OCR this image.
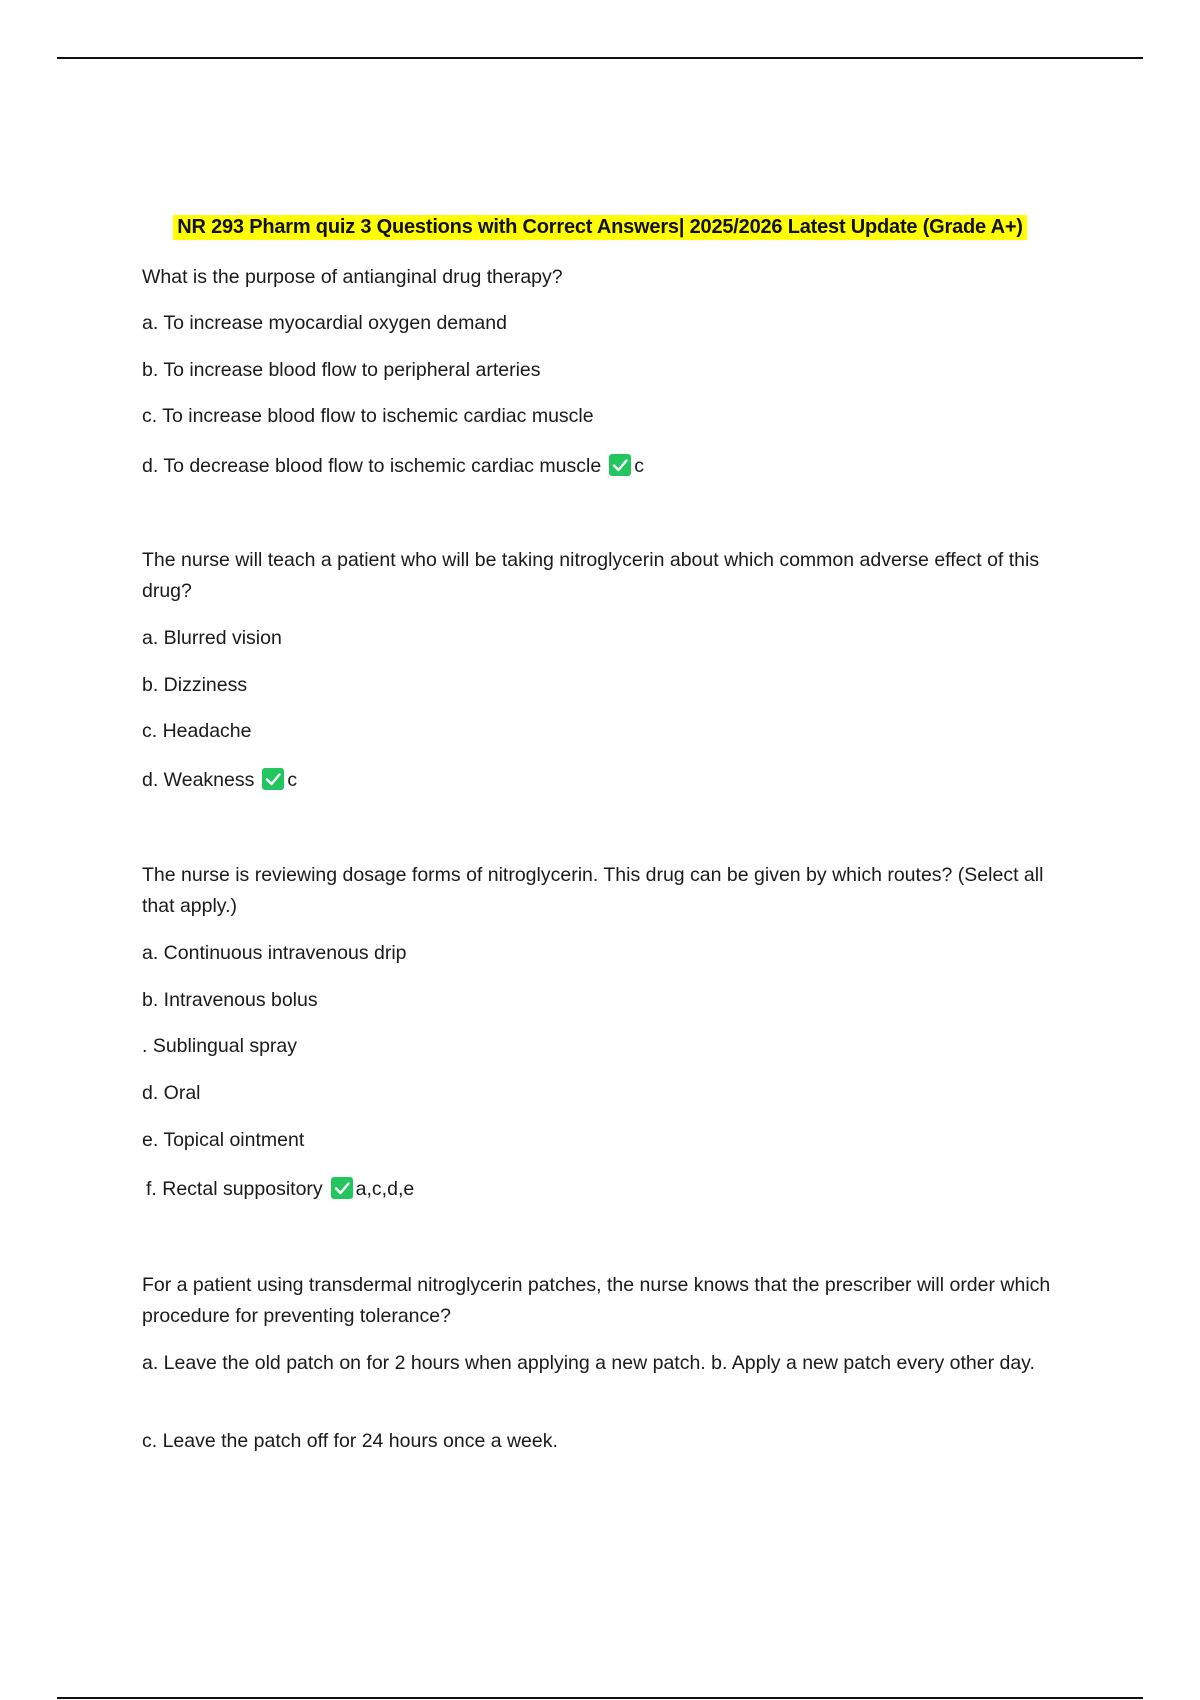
NR 293 Pharm quiz 3 Questions with Correct Answers| 2025/2026 Latest Update (Grade A+)
What is the purpose of antianginal drug therapy?
a. To increase myocardial oxygen demand
b. To increase blood flow to peripheral arteries
c. To increase blood flow to ischemic cardiac muscle
d. To decrease blood flow to ischemic cardiac muscle c
The nurse will teach a patient who will be taking nitroglycerin about which common adverse effect of this drug?
a. Blurred vision
b. Dizziness
c. Headache
d. Weakness c
The nurse is reviewing dosage forms of nitroglycerin. This drug can be given by which routes? (Select all that apply.)
a. Continuous intravenous drip
b. Intravenous bolus
. Sublingual spray
d. Oral
e. Topical ointment
f. Rectal suppository a,c,d,e
For a patient using transdermal nitroglycerin patches, the nurse knows that the prescriber will order which procedure for preventing tolerance?
a. Leave the old patch on for 2 hours when applying a new patch. b. Apply a new patch every other day.
c. Leave the patch off for 24 hours once a week.
